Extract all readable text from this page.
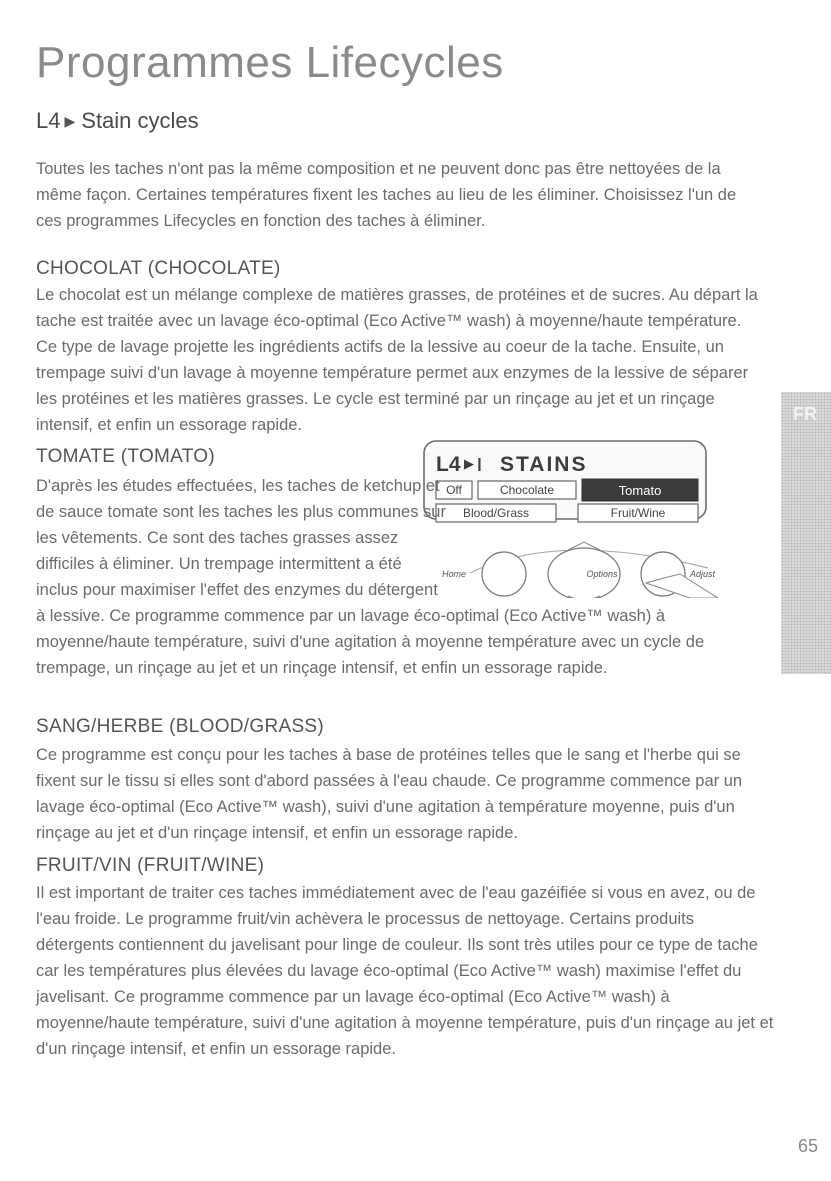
Programmes Lifecycles
L4 ▶ Stain cycles

Toutes les taches n'ont pas la même composition et ne peuvent donc pas être nettoyées de la même façon. Certaines températures fixent les taches au lieu de les éliminer. Choisissez l'un de ces programmes Lifecycles en fonction des taches à éliminer.

CHOCOLAT (CHOCOLATE)

Le chocolat est un mélange complexe de matières grasses, de protéines et de sucres. Au départ la tache est traitée avec un lavage éco-optimal (Eco Active™ wash) à moyenne/haute température. Ce type de lavage projette les ingrédients actifs de la lessive au coeur de la tache. Ensuite, un trempage suivi d'un lavage à moyenne température permet aux enzymes de la lessive de séparer les protéines et les matières grasses. Le cycle est terminé par un rinçage au jet et un rinçage intensif, et enfin un essorage rapide.

TOMATE (TOMATO)	L4 ▶❙ STAINS
Off	Chocolate	Tomato
Blood/Grass	Fruit/Wine
Home	Options	Adjust

D'après les études effectuées, les taches de ketchup et de sauce tomate sont les taches les plus communes sur les vêtements. Ce sont des taches grasses assez difficiles à éliminer. Un trempage intermittent a été inclus pour maximiser l'effet des enzymes du détergent à lessive. Ce programme commence par un lavage éco-optimal (Eco Active™ wash) à moyenne/haute température, suivi d'une agitation à moyenne température avec un cycle de trempage, un rinçage au jet et un rinçage intensif, et enfin un essorage rapide.

SANG/HERBE (BLOOD/GRASS)

Ce programme est conçu pour les taches à base de protéines telles que le sang et l'herbe qui se fixent sur le tissu si elles sont d'abord passées à l'eau chaude. Ce programme commence par un lavage éco-optimal (Eco Active™ wash), suivi d'une agitation à température moyenne, puis d'un rinçage au jet et d'un rinçage intensif, et enfin un essorage rapide.

FRUIT/VIN (FRUIT/WINE)

Il est important de traiter ces taches immédiatement avec de l'eau gazéifiée si vous en avez, ou de l'eau froide. Le programme fruit/vin achèvera le processus de nettoyage. Certains produits détergents contiennent du javelisant pour linge de couleur. Ils sont très utiles pour ce type de tache car les températures plus élevées du lavage éco-optimal (Eco Active™ wash) maximise l'effet du javelisant. Ce programme commence par un lavage éco-optimal (Eco Active™ wash) à moyenne/haute température, suivi d'une agitation à moyenne température, puis d'un rinçage au jet et d'un rinçage intensif, et enfin un essorage rapide.

FR
65
